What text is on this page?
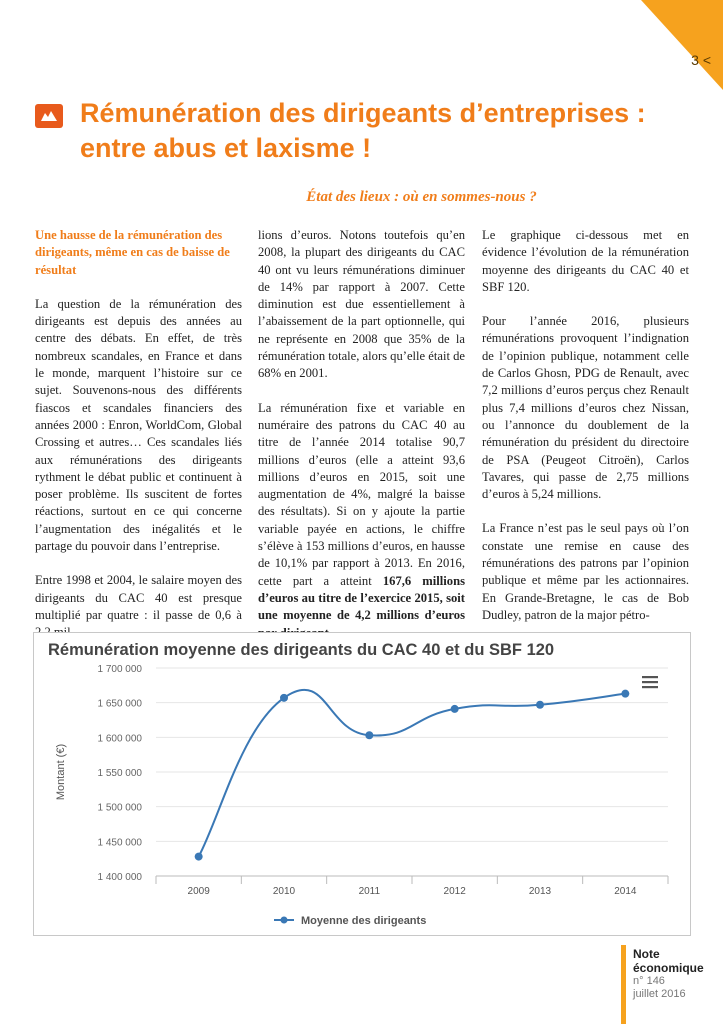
3 <
Rémunération des dirigeants d’entreprises : entre abus et laxisme !
État des lieux : où en sommes-nous ?
Une hausse de la rémunération des dirigeants, même en cas de baisse de résultat

La question de la rémunération des dirigeants est depuis des années au centre des débats. En effet, de très nombreux scandales, en France et dans le monde, marquent l’histoire sur ce sujet. Souvenons-nous des différents fiascos et scandales financiers des années 2000 : Enron, WorldCom, Global Crossing et autres… Ces scandales liés aux rémunérations des dirigeants rythment le débat public et continuent à poser problème. Ils suscitent de fortes réactions, surtout en ce qui concerne l’augmentation des inégalités et le partage du pouvoir dans l’entreprise.

Entre 1998 et 2004, le salaire moyen des dirigeants du CAC 40 est presque multiplié par quatre : il passe de 0,6 à

lions d’euros. Notons toutefois qu’en 2008, la plupart des dirigeants du CAC 40 ont vu leurs rémunérations diminuer de 14% par rapport à 2007. Cette diminution est due essentiellement à l’abaissement de la part optionnelle, qui ne représente en 2008 que 35% de la rémunération totale, alors qu’elle était de 68% en 2001.

La rémunération fixe et variable en numéraire des patrons du CAC 40 au titre de l’année 2014 totalise 90,7 millions d’euros (elle a atteint 93,6 millions d’euros en 2015, soit une augmentation de 4%, malgré la baisse des résultats). Si on y ajoute la partie variable payée en actions, le chiffre s’élève à 153 millions d’euros, en hausse de 10,1% par rapport à 2013. En 2016, cette part a atteint 167,6 millions d’euros au titre de l’exercice 2015, soit une moyenne de 4,2 millions d’euros

Le graphique ci-dessous met en évidence l’évolution de la rémunération moyenne des dirigeants du CAC 40 et SBF 120.

Pour l’année 2016, plusieurs rémunérations provoquent l’indignation de l’opinion publique, notamment celle de Carlos Ghosn, PDG de Renault, avec 7,2 millions d’euros perçus chez Renault plus 7,4 millions d’euros chez Nissan, ou l’annonce du doublement de la rémunération du président du directoire de PSA (Peugeot Citroën), Carlos Tavares, qui passe de 2,75 millions d’euros à 5,24 millions.

La France n’est pas le seul pays où l’on constate une remise en cause des rémunérations des patrons par l’opinion publique et même par les actionnaires. En Grande-Bretagne, le cas de Bob Dudley, patron de la major pétro-

Rémunération moyenne des dirigeants du CAC 40 et du SBF 120
1 400 000
1 450 000
1 500 000
1 550 000
1 600 000
1 650 000
1 700 000
Montant (€)
2009	2010	2011	2012	2013	2014
Moyenne des dirigeants
Note
économique
n° 146
juillet 2016
